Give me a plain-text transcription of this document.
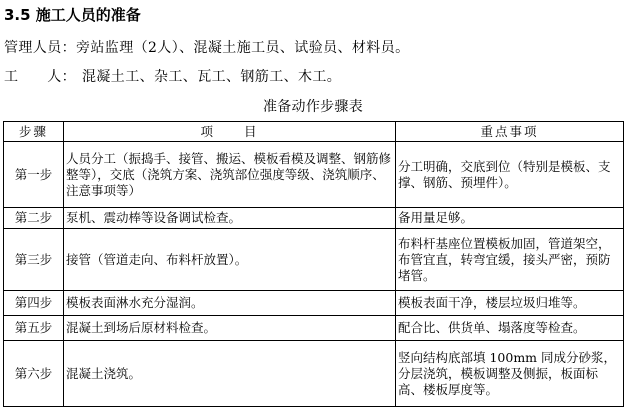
3.5 施工人员的准备
管理人员：旁站监理（2人）、混凝土施工员、试验员、材料员。
工　　人： 混凝土工、杂工、瓦工、钢筋工、木工。
准备动作步骤表
步骤	项　　目	重点事项
第一步	人员分工（振捣手、接管、搬运、模板看模及调整、钢筋修整等），交底（浇筑方案、浇筑部位强度等级、浇筑顺序、注意事项等）	分工明确，交底到位（特别是模板、支撑、钢筋、预埋件）。
第二步	泵机、震动棒等设备调试检查。	备用量足够。
第三步	接管（管道走向、布料杆放置）。	布料杆基座位置模板加固，管道架空，布管宜直，转弯宜缓，接头严密，预防堵管。
第四步	模板表面淋水充分湿润。	模板表面干净，楼层垃圾归堆等。
第五步	混凝土到场后原材料检查。	配合比、供货单、塌落度等检查。
第六步	混凝土浇筑。	竖向结构底部填 100mm 同成分砂浆，分层浇筑，模板调整及侧振，板面标高、楼板厚度等。
